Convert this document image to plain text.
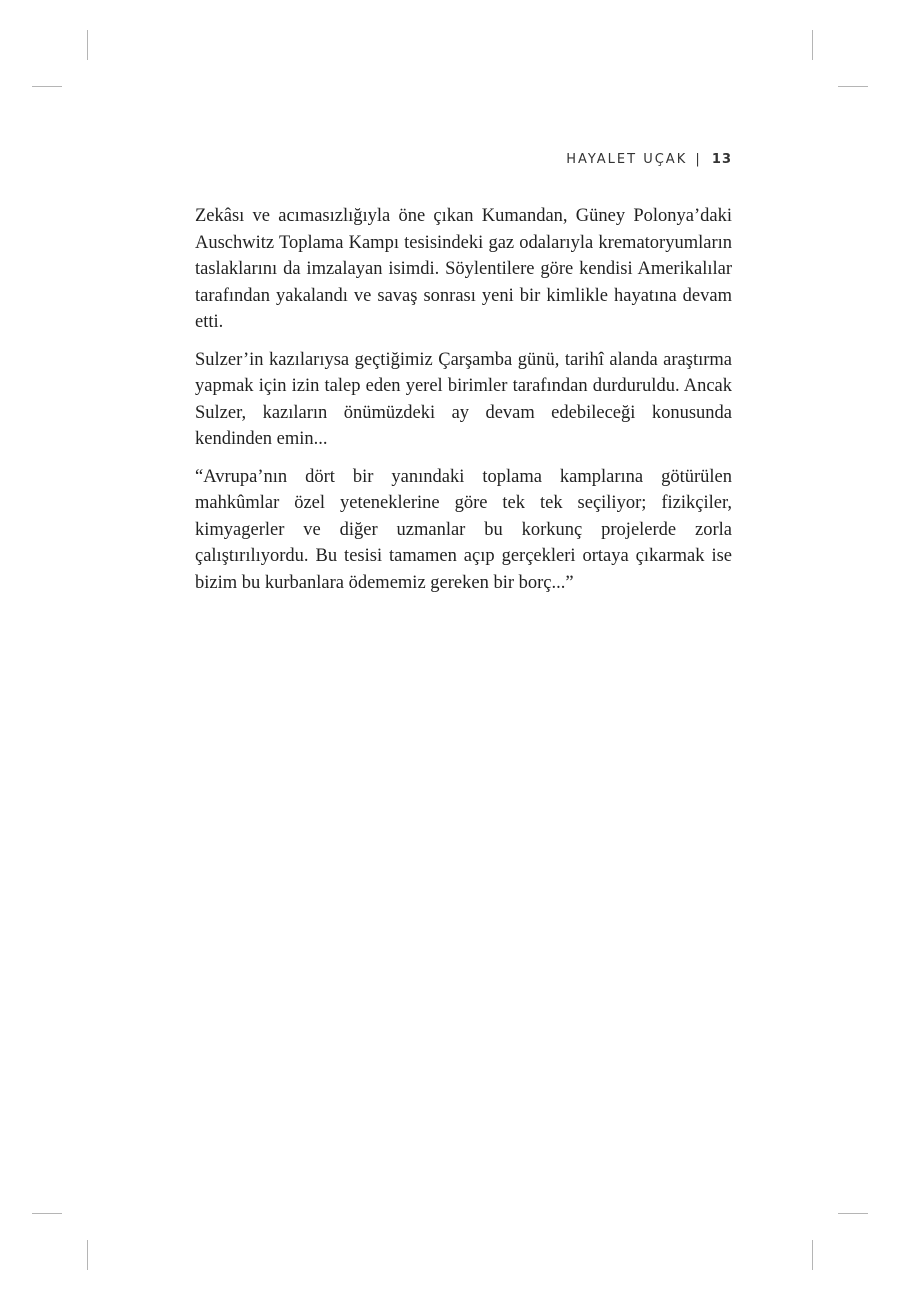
HAYALET UÇAK | 13

Zekâsı ve acımasızlığıyla öne çıkan Kumandan, Güney Polonya’daki Auschwitz Toplama Kampı tesisindeki gaz odalarıyla krematoryumların taslaklarını da imzalayan isimdi. Söylentilere göre kendisi Amerikalılar tarafından yakalandı ve savaş sonrası yeni bir kimlikle hayatına devam etti.

Sulzer’in kazılarıysa geçtiğimiz Çarşamba günü, tarihî alanda araştırma yapmak için izin talep eden yerel birimler tarafından durduruldu. Ancak Sulzer, kazıların önümüzdeki ay devam edebileceği konusunda kendinden emin...

“Avrupa’nın dört bir yanındaki toplama kamplarına götürülen mahkûmlar özel yeteneklerine göre tek tek seçiliyor; fizikçiler, kimyagerler ve diğer uzmanlar bu korkunç projelerde zorla çalıştırılıyordu. Bu tesisi tamamen açıp gerçekleri ortaya çıkarmak ise bizim bu kurbanlara ödememiz gereken bir borç...”
